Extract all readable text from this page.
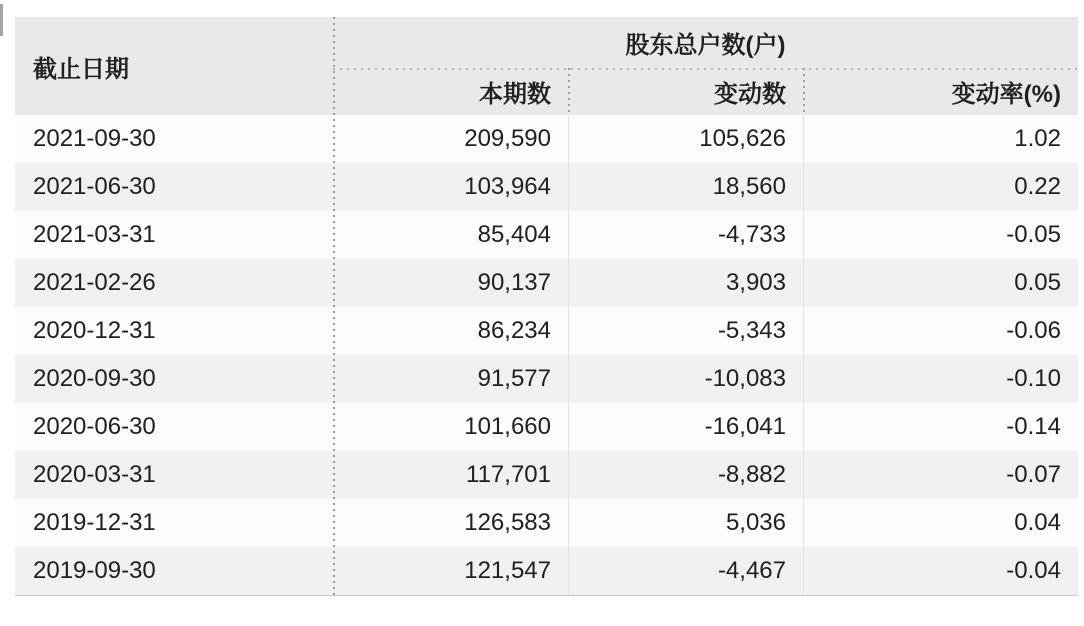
截止日期	股东总户数(户)		
	本期数	变动数	变动率(%)
2021-09-30	209,590	105,626	1.02
2021-06-30	103,964	18,560	0.22
2021-03-31	85,404	-4,733	-0.05
2021-02-26	90,137	3,903	0.05
2020-12-31	86,234	-5,343	-0.06
2020-09-30	91,577	-10,083	-0.10
2020-06-30	101,660	-16,041	-0.14
2020-03-31	117,701	-8,882	-0.07
2019-12-31	126,583	5,036	0.04
2019-09-30	121,547	-4,467	-0.04
